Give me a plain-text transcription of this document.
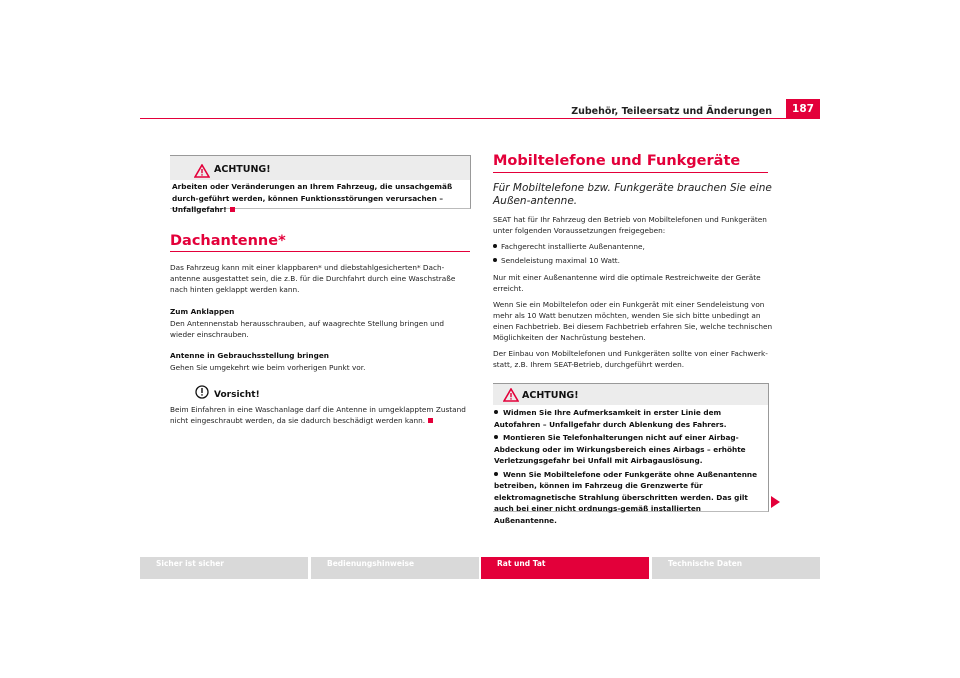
Zubehör, Teileersatz und Änderungen	187
ACHTUNG!
Arbeiten oder Veränderungen an Ihrem Fahrzeug, die unsachgemäß durch-geführt werden, können Funktionsstörungen verursachen – Unfallgefahr!
Dachantenne*
Das Fahrzeug kann mit einer klappbaren* und diebstahlgesicherten* Dach-antenne ausgestattet sein, die z.B. für die Durchfahrt durch eine Waschstraße nach hinten geklappt werden kann.
Zum Anklappen
Den Antennenstab herausschrauben, auf waagrechte Stellung bringen und wieder einschrauben.
Antenne in Gebrauchsstellung bringen
Gehen Sie umgekehrt wie beim vorherigen Punkt vor.
Vorsicht!
Beim Einfahren in eine Waschanlage darf die Antenne in umgeklapptem Zustand nicht eingeschraubt werden, da sie dadurch beschädigt werden kann.
Mobiltelefone und Funkgeräte
Für Mobiltelefone bzw. Funkgeräte brauchen Sie eine Außen-antenne.
SEAT hat für Ihr Fahrzeug den Betrieb von Mobiltelefonen und Funkgeräten unter folgenden Voraussetzungen freigegeben:
Fachgerecht installierte Außenantenne,
Sendeleistung maximal 10 Watt.
Nur mit einer Außenantenne wird die optimale Restreichweite der Geräte erreicht.
Wenn Sie ein Mobiltelefon oder ein Funkgerät mit einer Sendeleistung von mehr als 10 Watt benutzen möchten, wenden Sie sich bitte unbedingt an einen Fachbetrieb. Bei diesem Fachbetrieb erfahren Sie, welche technischen Möglichkeiten der Nachrüstung bestehen.
Der Einbau von Mobiltelefonen und Funkgeräten sollte von einer Fachwerk-statt, z.B. Ihrem SEAT-Betrieb, durchgeführt werden.
ACHTUNG!
Widmen Sie Ihre Aufmerksamkeit in erster Linie dem Autofahren – Unfallgefahr durch Ablenkung des Fahrers.
Montieren Sie Telefonhalterungen nicht auf einer Airbag-Abdeckung oder im Wirkungsbereich eines Airbags – erhöhte Verletzungsgefahr bei Unfall mit Airbagauslösung.
Wenn Sie Mobiltelefone oder Funkgeräte ohne Außenantenne betreiben, können im Fahrzeug die Grenzwerte für elektromagnetische Strahlung überschritten werden. Das gilt auch bei einer nicht ordnungs-gemäß installierten Außenantenne.
Sicher ist sicher	Bedienungshinweise	Rat und Tat	Technische Daten
